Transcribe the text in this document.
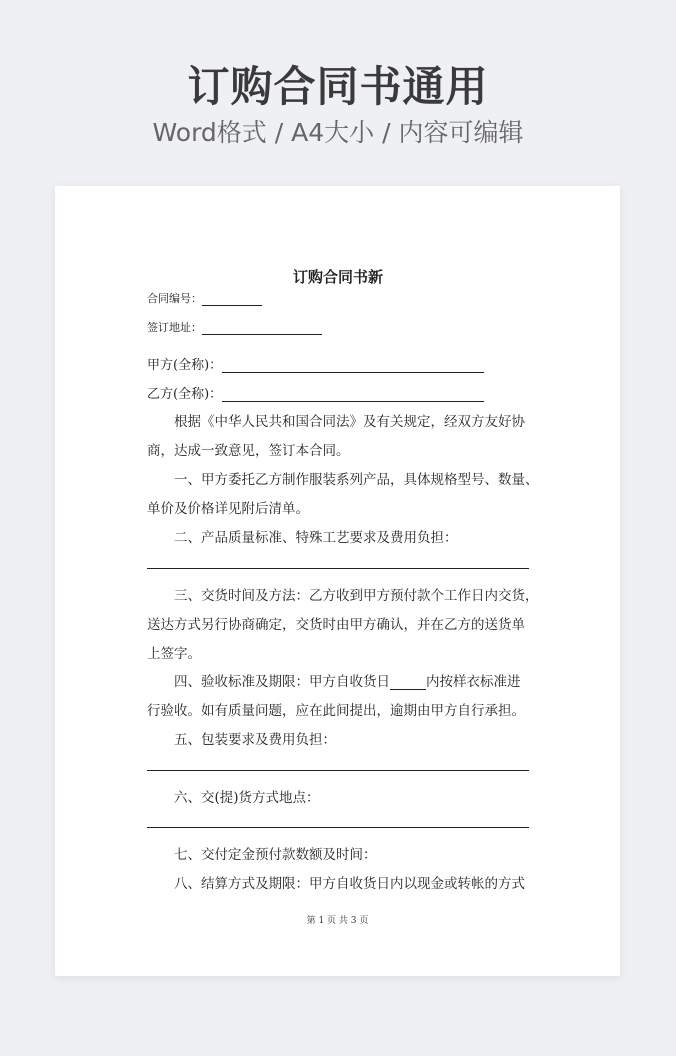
订购合同书通用
Word格式 / A4大小 / 内容可编辑
订购合同书新
合同编号：
签订地址：
甲方(全称)：
乙方(全称)：
根据《中华人民共和国合同法》及有关规定，经双方友好协
商，达成一致意见，签订本合同。
一、甲方委托乙方制作服装系列产品，具体规格型号、数量、
单价及价格详见附后清单。
二、产品质量标准、特殊工艺要求及费用负担：
三、交货时间及方法：乙方收到甲方预付款个工作日内交货，
送达方式另行协商确定，交货时由甲方确认，并在乙方的送货单
上签字。
四、验收标准及期限：甲方自收货日	内按样衣标准进
行验收。如有质量问题，应在此间提出，逾期由甲方自行承担。
五、包装要求及费用负担：
六、交(提)货方式地点：
七、交付定金预付款数额及时间：
八、结算方式及期限：甲方自收货日内以现金或转帐的方式
第 1 页 共 3 页
